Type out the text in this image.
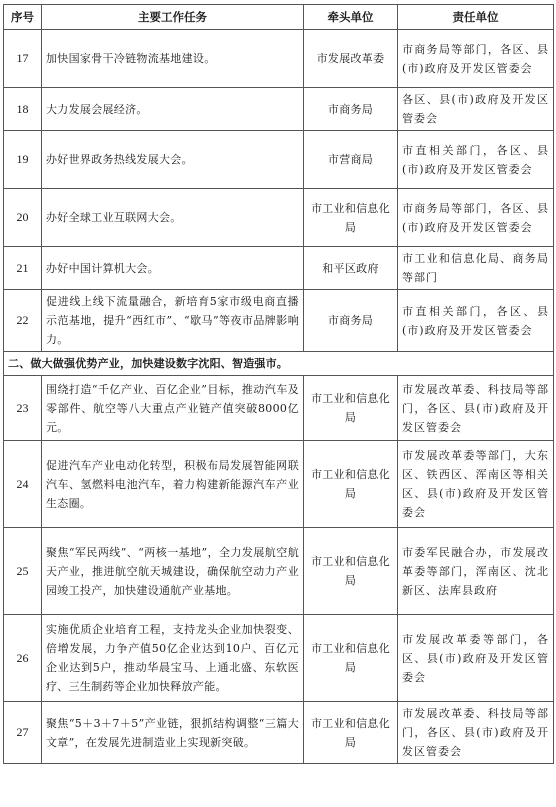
序号	主要工作任务	牵头单位	责任单位
17	加快国家骨干冷链物流基地建设。	市发展改革委	市商务局等部门，各区、县(市)政府及开发区管委会
18	大力发展会展经济。	市商务局	各区、县(市)政府及开发区管委会
19	办好世界政务热线发展大会。	市营商局	市直相关部门，各区、县(市)政府及开发区管委会
20	办好全球工业互联网大会。	市工业和信息化局	市商务局等部门，各区、县(市)政府及开发区管委会
21	办好中国计算机大会。	和平区政府	市工业和信息化局、商务局等部门
22	促进线上线下流量融合，新培育5家市级电商直播示范基地，提升“西红市”、“歇马”等夜市品牌影响力。	市商务局	市直相关部门，各区、县(市)政府及开发区管委会
二、做大做强优势产业，加快建设数字沈阳、智造强市。			
23	围绕打造“千亿产业、百亿企业”目标，推动汽车及零部件、航空等八大重点产业链产值突破8000亿元。	市工业和信息化局	市发展改革委、科技局等部门，各区、县(市)政府及开发区管委会
24	促进汽车产业电动化转型，积极布局发展智能网联汽车、氢燃料电池汽车，着力构建新能源汽车产业生态圈。	市工业和信息化局	市发展改革委等部门，大东区、铁西区、浑南区等相关区、县(市)政府及开发区管委会
25	聚焦“军民两线”、“两核一基地”，全力发展航空航天产业，推进航空航天城建设，确保航空动力产业园竣工投产，加快建设通航产业基地。	市工业和信息化局	市委军民融合办，市发展改革委等部门，浑南区、沈北新区、法库县政府
26	实施优质企业培育工程，支持龙头企业加快裂变、倍增发展，力争产值50亿企业达到10户、百亿元企业达到5户，推动华晨宝马、上通北盛、东软医疗、三生制药等企业加快释放产能。	市工业和信息化局	市发展改革委等部门，各区、县(市)政府及开发区管委会
27	聚焦“5＋3＋7＋5”产业链，狠抓结构调整“三篇大文章”，在发展先进制造业上实现新突破。	市工业和信息化局	市发展改革委、科技局等部门，各区、县(市)政府及开发区管委会
